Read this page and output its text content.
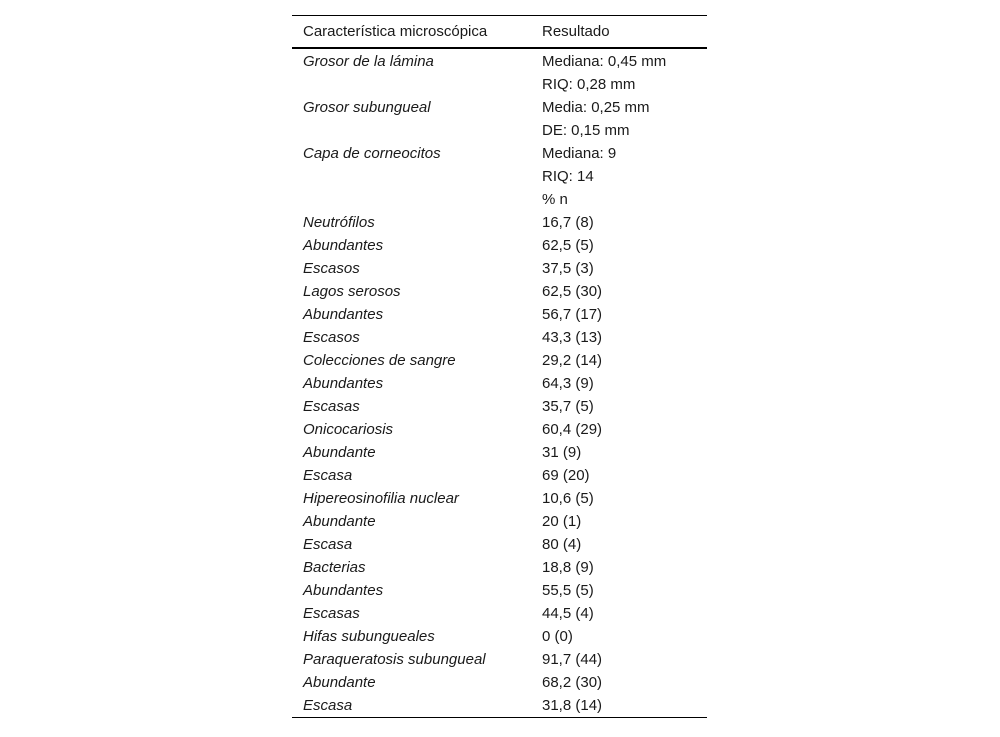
Característica microscópica	Resultado
Grosor de la lámina	Mediana: 0,45 mm
	RIQ: 0,28 mm
Grosor subungueal	Media: 0,25 mm
	DE: 0,15 mm
Capa de corneocitos	Mediana: 9
	RIQ: 14
	% n
Neutrófilos	16,7 (8)
Abundantes	62,5 (5)
Escasos	37,5 (3)
Lagos serosos	62,5 (30)
Abundantes	56,7 (17)
Escasos	43,3 (13)
Colecciones de sangre	29,2 (14)
Abundantes	64,3 (9)
Escasas	35,7 (5)
Onicocariosis	60,4 (29)
Abundante	31 (9)
Escasa	69 (20)
Hipereosinofilia nuclear	10,6 (5)
Abundante	20 (1)
Escasa	80 (4)
Bacterias	18,8 (9)
Abundantes	55,5 (5)
Escasas	44,5 (4)
Hifas subungueales	0 (0)
Paraqueratosis subungueal	91,7 (44)
Abundante	68,2 (30)
Escasa	31,8 (14)
